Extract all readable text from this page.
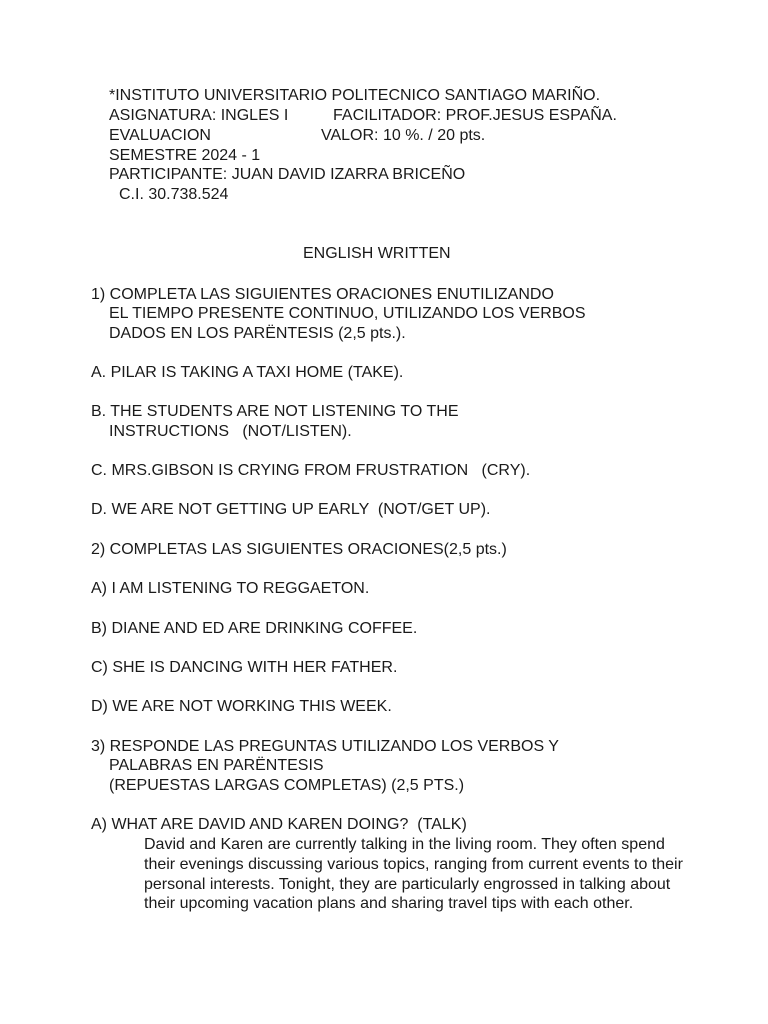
*INSTITUTO UNIVERSITARIO POLITECNICO SANTIAGO MARIÑO.
ASIGNATURA: INGLES I	FACILITADOR: PROF.JESUS ESPAÑA.
EVALUACION	VALOR: 10 %. / 20 pts.
SEMESTRE 2024 - 1
PARTICIPANTE: JUAN DAVID IZARRA BRICEÑO
C.I. 30.738.524
ENGLISH WRITTEN
1) COMPLETA LAS SIGUIENTES ORACIONES ENUTILIZANDO
EL TIEMPO PRESENTE CONTINUO, UTILIZANDO LOS VERBOS
DADOS EN LOS PARËNTESIS (2,5 pts.).
A. PILAR IS TAKING A TAXI HOME (TAKE).
B. THE STUDENTS ARE NOT LISTENING TO THE
INSTRUCTIONS   (NOT/LISTEN).
C. MRS.GIBSON IS CRYING FROM FRUSTRATION   (CRY).
D. WE ARE NOT GETTING UP EARLY  (NOT/GET UP).
2) COMPLETAS LAS SIGUIENTES ORACIONES(2,5 pts.)
A) I AM LISTENING TO REGGAETON.
B) DIANE AND ED ARE DRINKING COFFEE.
C) SHE IS DANCING WITH HER FATHER.
D) WE ARE NOT WORKING THIS WEEK.
3) RESPONDE LAS PREGUNTAS UTILIZANDO LOS VERBOS Y
PALABRAS EN PARËNTESIS
(REPUESTAS LARGAS COMPLETAS) (2,5 PTS.)
A) WHAT ARE DAVID AND KAREN DOING?  (TALK)
David and Karen are currently talking in the living room. They often spend their evenings discussing various topics, ranging from current events to their personal interests. Tonight, they are particularly engrossed in talking about their upcoming vacation plans and sharing travel tips with each other.
